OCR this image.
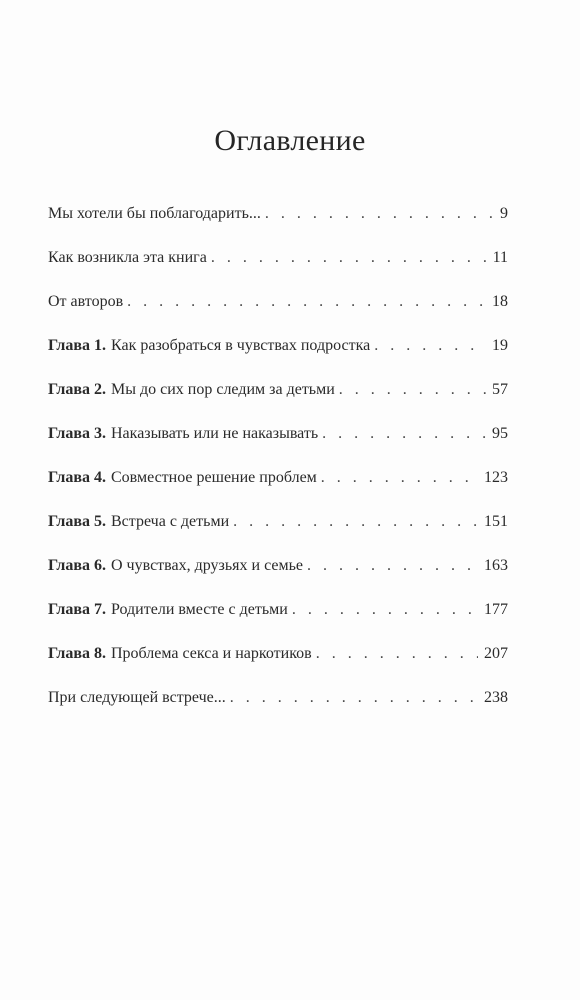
Оглавление
Мы хотели бы поблагодарить... . . .	9
Как возникла эта книга . . .	11
От авторов . . .	18
Глава 1. Как разобраться в чувствах подростка . . .	19
Глава 2. Мы до сих пор следим за детьми . . .	57
Глава 3. Наказывать или не наказывать . . .	95
Глава 4. Совместное решение проблем . . .	123
Глава 5. Встреча с детьми . . .	151
Глава 6. О чувствах, друзьях и семье . . .	163
Глава 7. Родители вместе с детьми . . .	177
Глава 8. Проблема секса и наркотиков . . .	207
При следующей встрече... . . .	238
